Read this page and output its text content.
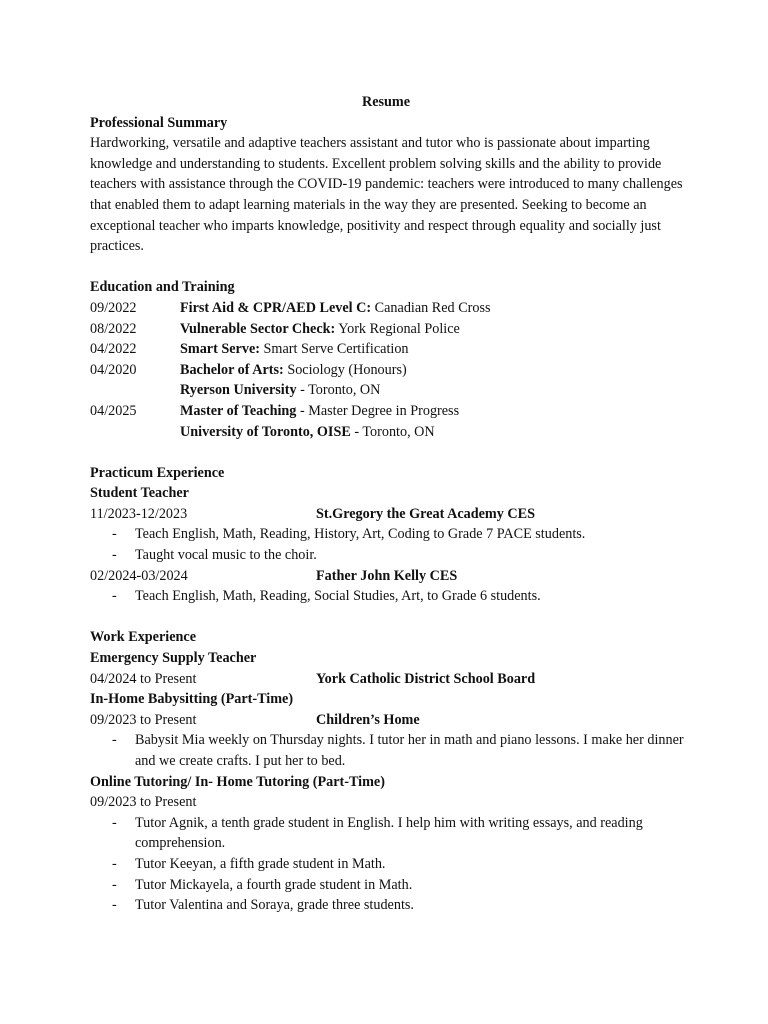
Resume
Professional Summary
Hardworking, versatile and adaptive teachers assistant and tutor who is passionate about imparting knowledge and understanding to students. Excellent problem solving skills and the ability to provide teachers with assistance through the COVID-19 pandemic: teachers were introduced to many challenges that enabled them to adapt learning materials in the way they are presented. Seeking to become an exceptional teacher who imparts knowledge, positivity and respect through equality and socially just practices.
Education and Training
09/2022	First Aid & CPR/AED Level C: Canadian Red Cross
08/2022	Vulnerable Sector Check: York Regional Police
04/2022	Smart Serve: Smart Serve Certification
04/2020	Bachelor of Arts: Sociology (Honours)
Ryerson University - Toronto, ON
04/2025	Master of Teaching - Master Degree in Progress
University of Toronto, OISE - Toronto, ON
Practicum Experience
Student Teacher
11/2023-12/2023	St.Gregory the Great Academy CES
- Teach English, Math, Reading, History, Art, Coding to Grade 7 PACE students.
- Taught vocal music to the choir.
02/2024-03/2024	Father John Kelly CES
- Teach English, Math, Reading, Social Studies, Art, to Grade 6 students.
Work Experience
Emergency Supply Teacher
04/2024 to Present	York Catholic District School Board
In-Home Babysitting (Part-Time)
09/2023 to Present	Children’s Home
- Babysit Mia weekly on Thursday nights. I tutor her in math and piano lessons. I make her dinner and we create crafts. I put her to bed.
Online Tutoring/ In- Home Tutoring (Part-Time)
09/2023 to Present
- Tutor Agnik, a tenth grade student in English. I help him with writing essays, and reading comprehension.
- Tutor Keeyan, a fifth grade student in Math.
- Tutor Mickayela, a fourth grade student in Math.
- Tutor Valentina and Soraya, grade three students.
